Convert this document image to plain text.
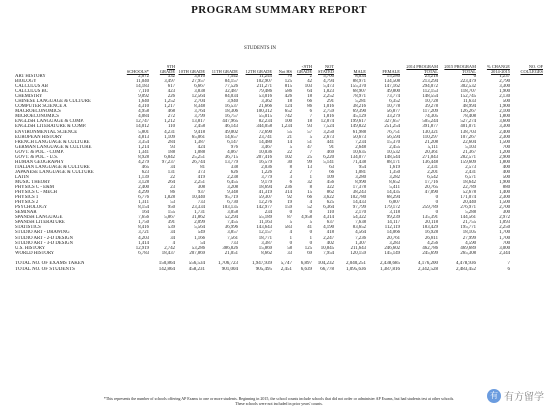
PROGRAM SUMMARY REPORT
STUDENTS IN
	SCHOOLS*	9TH GRADE	10TH GRADE	11TH GRADE	12TH GRADE	Not HS	<9TH GRADE	NOT STATED	MALE	FEMALE	2014 PROGRAM TOTAL	2015 PROGRAM TOTAL	% CHANGE 2014-2015	NO. OF COLLEGES
ART HISTORY	2,072	332	3,610	7,542	11,245	70	2	5,700	8,034	15,280	23,218	0	1,237	
BIOLOGY	11,040	3,497	27,957	84,157	102,907	125	42	4,794	88,971	134,508	213,294	223,479	2,790	
CALCULUS AB	14,183	617	6,667	77,526	211,271	815	103	5,473	155,370	147,162	294,072	302,532	3,300	
CALCULUS BC	7,110	423	3,838	32,487	79,486	586	64	1,823	68,907	49,800	112,153	118,707	1,900	
CHEMISTRY	9,092	226	12,564	84,034	53,016	426	18	2,252	78,971	73,774	148,554	152,745	2,130	
CHINESE LANGUAGE & CULTURE	1,640	1,252	2,704	3,940	3,362	18	66	291	5,281	6,352	10,728	11,633	500	
COMPUTER SCIENCE A	4,310	1,217	8,348	16,537	21,666	124	86	1,016	38,216	10,778	39,278	48,994	1,900	
MACROECONOMICS	4,958	468	3,764	18,306	100,312	652	6	2,759	69,390	56,877	117,209	126,267	2,100	
MICROECONOMICS	4,084	272	3,799	16,757	55,015	742	7	1,816	45,129	33,279	74,305	78,408	1,800	
ENGLISH LANGUAGE & COMP.	12,747	1,212	13,817	447,965	82,234	100	18	12,874	199,617	327,657	505,244	527,274	3,600	
ENGLISH LITERATURE & COMP.	14,012	110	2,458	46,143	344,058	1,234	93	7,524	149,822	251,254	391,877	401,071	3,300	
ENVIRONMENTAL SCIENCE	5,801	4,231	9,418	49,002	72,690	55	57	3,250	61,988	76,751	130,321	138,703	2,400	
EUROPEAN HISTORY	4,813	1,109	65,061	14,657	23,741	21	5	2,673	50,673	56,594	110,297	107,267	2,300	
FRENCH LANGUAGE & CULTURE	3,354	284	1,387	6,147	14,480	14	51	441	7,234	15,370	21,208	22,604	1,500	
GERMAN LANGUAGE & CULTURE	1,214	93	424	976	3,467	5	47	91	2,648	2,455	5,111	5,103	700	
GOVT. & POL. - COMP.	1,341	188	1,088	4,067	10,036	22	7	469	10,635	10,532	20,361	21,367	1,200	
GOVT. & POL. - U.S.	8,928	6,842	25,251	36,715	207,416	102	25	6,220	134,077	148,544	271,043	282,571	2,900	
HUMAN GEOGRAPHY	4,279	97,237	26,744	13,779	16,579	30	99	5,141	71,438	88,171	136,448	159,609	1,800	
ITALIAN LANGUAGE & CULTURE	465	34	81	338	2,036	8	13	63	954	1,619	2,331	2,573	400	
JAPANESE LANGUAGE & CULTURE	623	131	373	626	1,226	2	7	66	1,081	1,350	2,201	2,431	400	
LATIN	1,139	22	419	2,238	3,779	3	1	109	3,280	3,282	6,542	6,571	500	
MUSIC THEORY	3,128	264	2,251	6,455	9,179	6	32	456	8,990	8,652	17,716	18,642	1,900	
PHYSICS C - E&M	2,400	23	308	3,208	18,694	236	8	322	17,378	5,411	20,765	22,789	880	
PHYSICS C - MECH	4,299	86	937	9,348	41,319	314	15	862	38,243	14,435	47,090	52,678	1,400	
PHYSICS 1	6,776	1,828	10,440	95,719	59,307	92	66	3,622	102,780	68,294	0	171,074	2,300	
PHYSICS 2	1,311	53	733	6,730	12,276	19	4	625	14,433	6,007	0	20,440	1,500	
PSYCHOLOGY	8,154	950	23,334	103,135	142,977	159	52	6,364	97,799	179,172	259,789	276,971	2,700	
SEMINAR	164	155	1,731	3,058	234	0	0	110	2,170	3,118	0	5,288	300	
SPANISH LANGUAGE	7,656	5,867	31,862	52,294	55,189	87	4,958	4,314	54,322	99,239	135,391	144,561	2,972	
SPANISH LITERATURE	1,750	391	2,099	7,455	11,163	5	5	637	7,638	14,117	20,118	21,755	1,093	
STATISTICS	8,416	539	5,564	36,996	143,643	583	41	4,190	83,652	112,119	183,429	195,771	2,250	
STUDIO ART - DRAWING	3,721	34	549	3,857	12,157	4	0	418	4,564	14,066	16,928	18,105	1,700	
STUDIO ART - 2-D DESIGN	4,203	34	1,166	7,561	18,771	1	1	2,247	7,236	20,761	26,811	27,999	1,700	
STUDIO ART - 3-D DESIGN	1,414	4	54	733	3,387	0	0	402	1,307	3,283	4,256	4,590	700	
U.S. HISTORY	12,919	2,742	53,286	386,826	15,869	58	125	10,845	211,643	246,602	462,786	469,689	3,000	
WORLD HISTORY	6,783	18,437	207,869	21,051	8,662	33	69	7,954	120,159	145,149	245,699	265,308	2,344	

TOTAL NO. OF EXAMS TAKEN		150,864	556,534	1,706,723	1,947,939	5,747	6,897	104,232	2,040,251	2,438,685	4,176,200	4,478,936	7	
TOTAL NO. OF STUDENTS		142,864	458,231	901,004	905,495	2,451	6,639	66,778	1,095,636	1,387,816	2,342,528	2,483,452	6	
*This represents the number of schools offering AP Exams to one or more students. Beginning in 2015, the school counts include schools that did not order or administer AP Exams, but had students test at other schools.
These schools were not included in prior years' counts.
有 有方留学
